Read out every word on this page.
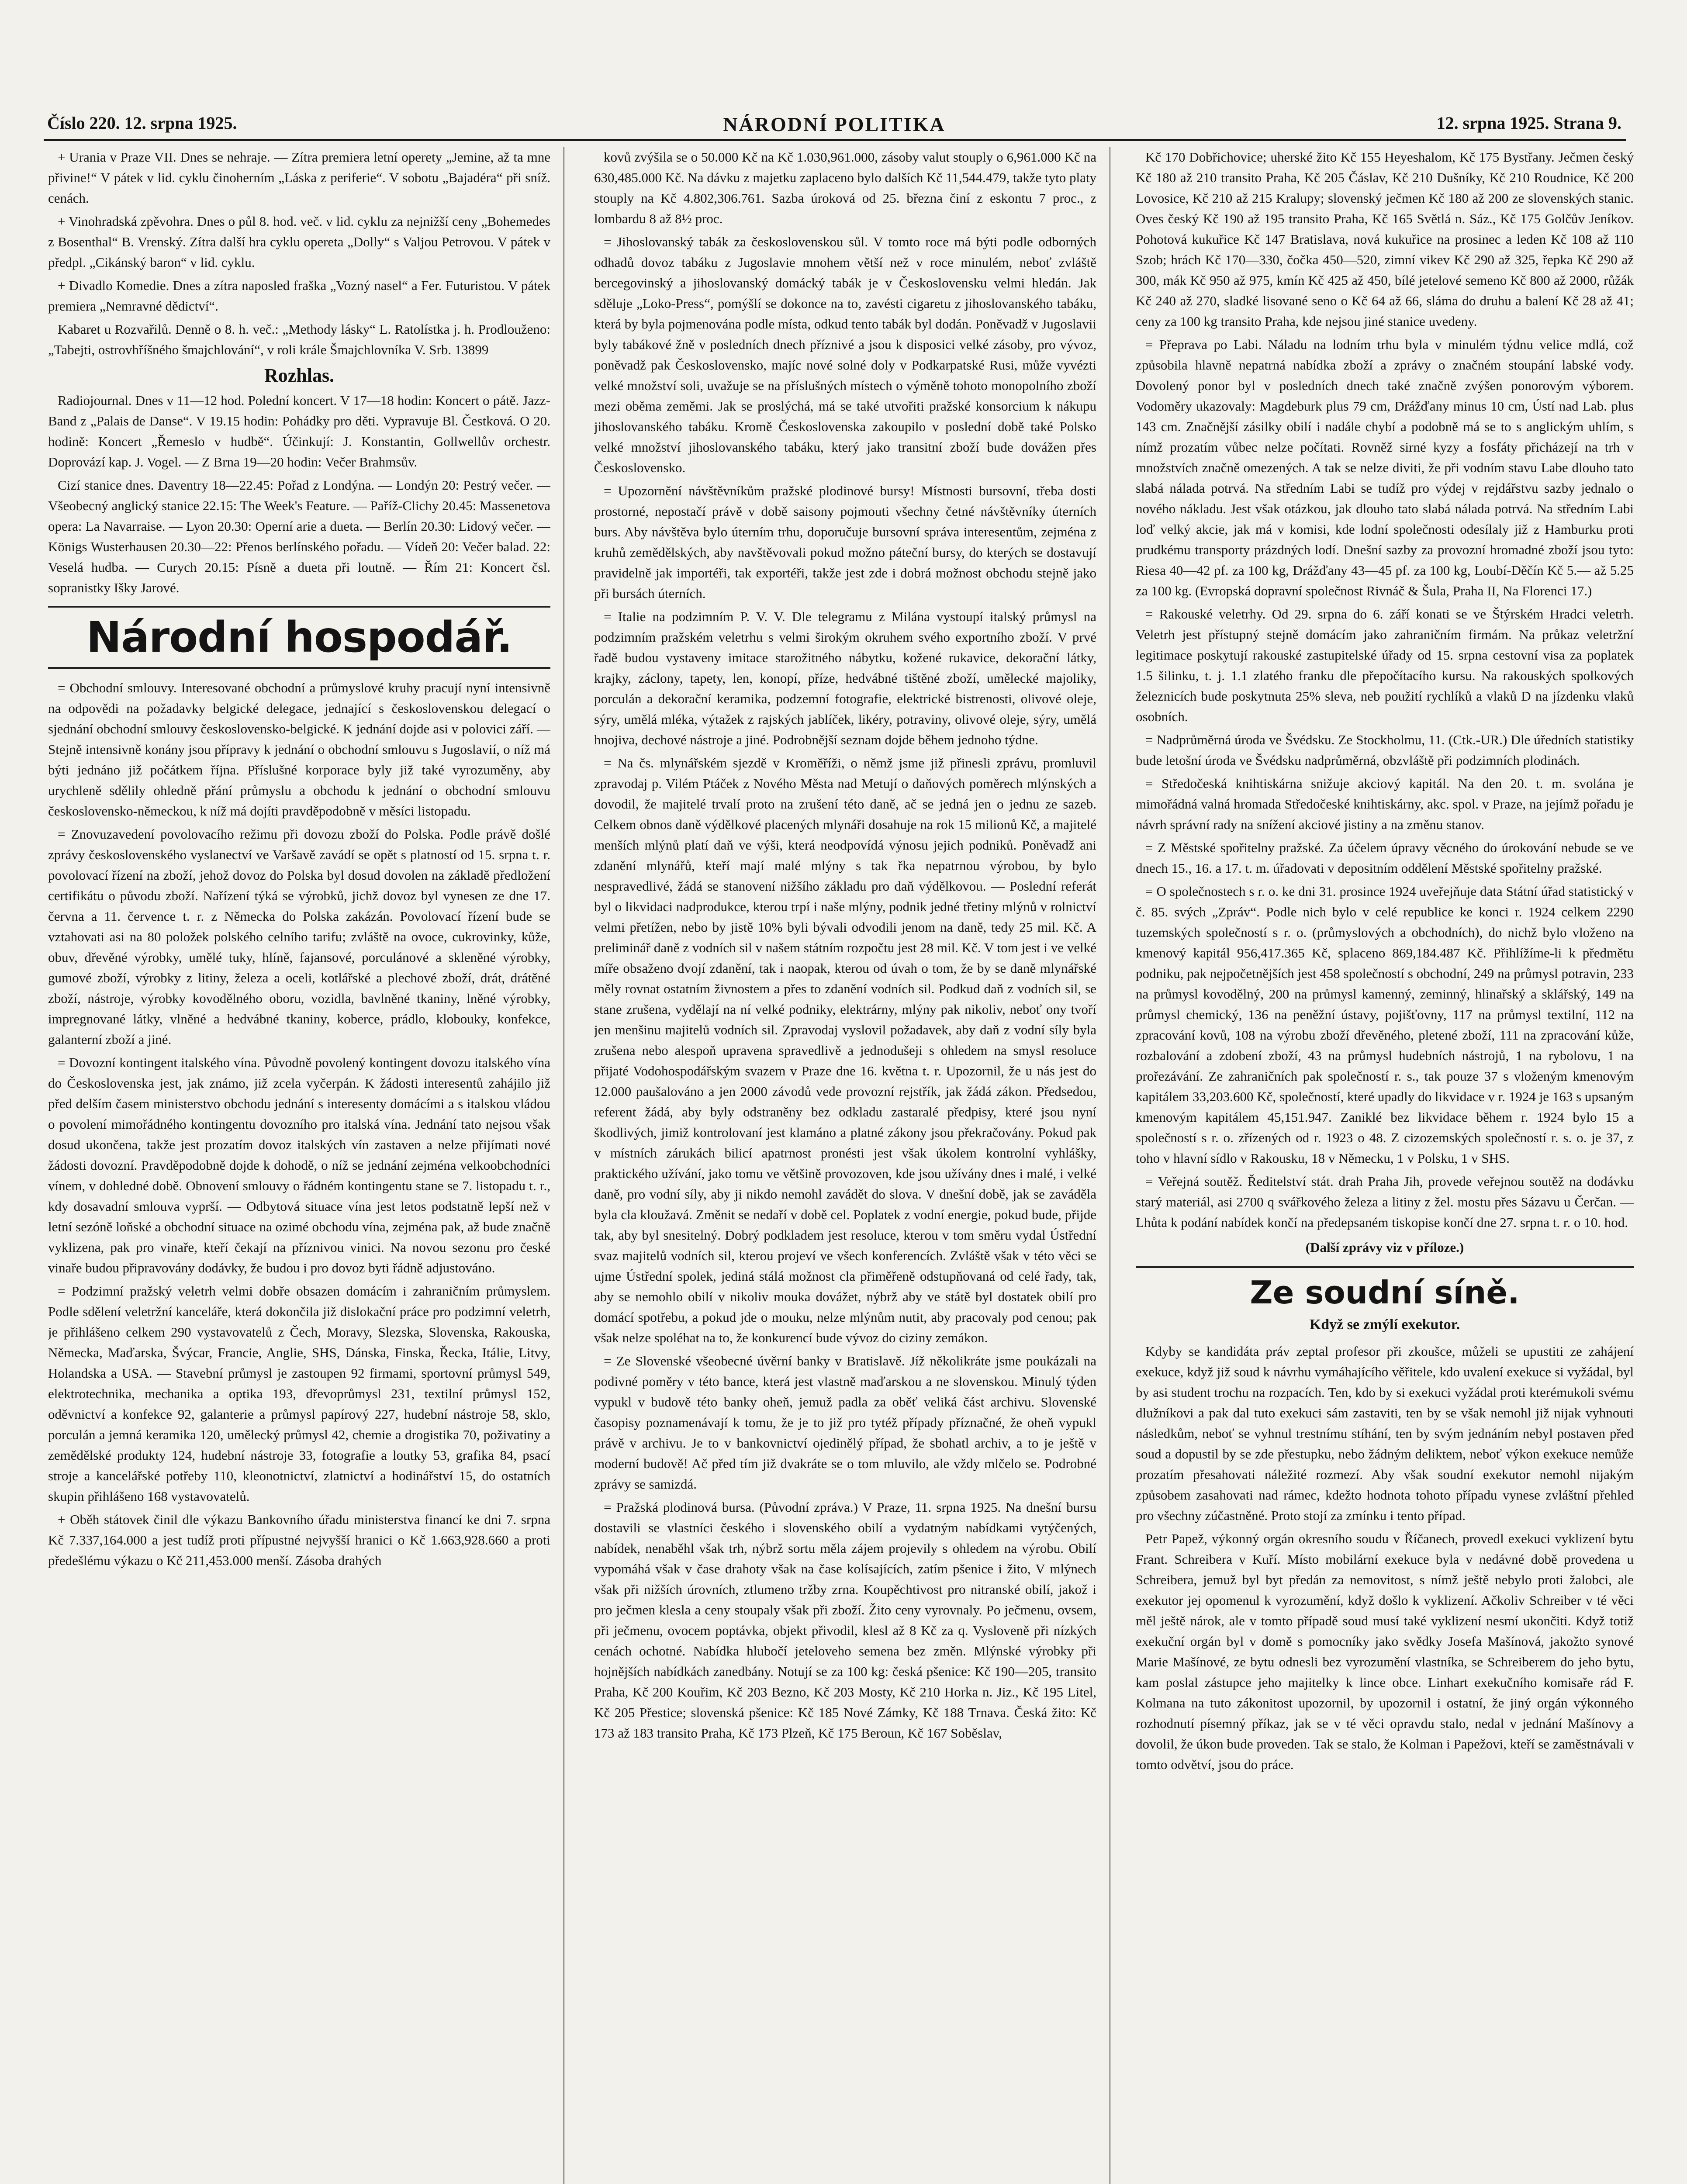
Číslo 220. 12. srpna 1925.	NÁRODNÍ POLITIKA	12. srpna 1925. Strana 9.

+ Urania v Praze VII. Dnes se nehraje. — Zítra premiera letní operety „Jemine, až ta mne přivine!“ V pátek v lid. cyklu činoherním „Láska z periferie“. V sobotu „Bajadéra“ při sníž. cenách.

+ Vinohradská zpěvohra. Dnes o půl 8. hod. več. v lid. cyklu za nejnižší ceny „Bohemedes z Bosenthal“ B. Vrenský. Zítra další hra cyklu opereta „Dolly“ s Valjou Petrovou. V pátek v předpl. „Cikánský baron“ v lid. cyklu.

+ Divadlo Komedie. Dnes a zítra naposled fraška „Vozný nasel“ a Fer. Futuristou. V pátek premiera „Nemravné dědictví“.

Kabaret u Rozvařilů. Denně o 8. h. več.: „Methody lásky“ L. Ratolístka j. h. Prodlouženo: „Tabejti, ostrovhříšného šmajchlování“, v roli krále Šmajchlovníka V. Srb. 13899

Rozhlas.

Radiojournal. Dnes v 11—12 hod. Polední koncert. V 17—18 hodin: Koncert o pátě. Jazz-Band z „Palais de Danse“. V 19.15 hodin: Pohádky pro děti. Vypravuje Bl. Čestková. O 20. hodině: Koncert „Řemeslo v hudbě“. Účinkují: J. Konstantin, Gollwellův orchestr. Doprovází kap. J. Vogel. — Z Brna 19—20 hodin: Večer Brahmsův.

Cizí stanice dnes. Daventry 18—22.45: Pořad z Londýna. — Londýn 20: Pestrý večer. — Všeobecný anglický stanice 22.15: The Week's Feature. — Paříž-Clichy 20.45: Massenetova opera: La Navarraise. — Lyon 20.30: Operní arie a dueta. — Berlín 20.30: Lidový večer. — Königs Wusterhausen 20.30—22: Přenos berlínského pořadu. — Vídeň 20: Večer balad. 22: Veselá hudba. — Curych 20.15: Písně a dueta při loutně. — Řím 21: Koncert čsl. sopranistky Išky Jarové.

Národní hospodář.

= Obchodní smlouvy. Interesované obchodní a průmyslové kruhy pracují nyní intensivně na odpovědi na požadavky belgické delegace, jednající s československou delegací o sjednání obchodní smlouvy československo-belgické. K jednání dojde asi v polovici září. — Stejně intensivně konány jsou přípravy k jednání o obchodní smlouvu s Jugoslavií, o níž má býti jednáno již počátkem října. Příslušné korporace byly již také vyrozuměny, aby urychleně sdělily ohledně přání průmyslu a obchodu k jednání o obchodní smlouvu československo-německou, k níž má dojíti pravděpodobně v měsíci listopadu.

= Znovuzavedení povolovacího režimu při dovozu zboží do Polska. Podle právě došlé zprávy československého vyslanectví ve Varšavě zavádí se opět s platností od 15. srpna t. r. povolovací řízení na zboží, jehož dovoz do Polska byl dosud dovolen na základě předložení certifikátu o původu zboží. Nařízení týká se výrobků, jichž dovoz byl vynesen ze dne 17. června a 11. července t. r. z Německa do Polska zakázán. Povolovací řízení bude se vztahovati asi na 80 položek polského celního tarifu; zvláště na ovoce, cukrovinky, kůže, obuv, dřevěné výrobky, umělé tuky, hlíně, fajansové, porculánové a skleněné výrobky, gumové zboží, výrobky z litiny, železa a oceli, kotlářské a plechové zboží, drát, drátěné zboží, nástroje, výrobky kovodělného oboru, vozidla, bavlněné tkaniny, lněné výrobky, impregnované látky, vlněné a hedvábné tkaniny, koberce, prádlo, klobouky, konfekce, galanterní zboží a jiné.

= Dovozní kontingent italského vína. Původně povolený kontingent dovozu italského vína do Československa jest, jak známo, již zcela vyčerpán. K žádosti interesentů zahájilo již před delším časem ministerstvo obchodu jednání s interesenty domácími a s italskou vládou o povolení mimořádného kontingentu dovozního pro italská vína. Jednání tato nejsou však dosud ukončena, takže jest prozatím dovoz italských vín zastaven a nelze přijímati nové žádosti dovozní. Pravděpodobně dojde k dohodě, o níž se jednání zejména velkoobchodníci vínem, v dohledné době. Obnovení smlouvy o řádném kontingentu stane se 7. listopadu t. r., kdy dosavadní smlouva vyprší. — Odbytová situace vína jest letos podstatně lepší než v letní sezóně loňské a obchodní situace na ozimé obchodu vína, zejména pak, až bude značně vyklizena, pak pro vinaře, kteří čekají na příznivou vinici. Na novou sezonu pro české vinaře budou připravovány dodávky, že budou i pro dovoz byti řádně adjustováno.

= Podzimní pražský veletrh velmi dobře obsazen domácím i zahraničním průmyslem. Podle sdělení veletržní kanceláře, která dokončila již dislokační práce pro podzimní veletrh, je přihlášeno celkem 290 vystavovatelů z Čech, Moravy, Slezska, Slovenska, Rakouska, Německa, Maďarska, Švýcar, Francie, Anglie, SHS, Dánska, Finska, Řecka, Itálie, Litvy, Holandska a USA. — Stavební průmysl je zastoupen 92 firmami, sportovní průmysl 549, elektrotechnika, mechanika a optika 193, dřevoprůmysl 231, textilní průmysl 152, oděvnictví a konfekce 92, galanterie a průmysl papírový 227, hudební nástroje 58, sklo, porculán a jemná keramika 120, umělecký průmysl 42, chemie a drogistika 70, poživatiny a zemědělské produkty 124, hudební nástroje 33, fotografie a loutky 53, grafika 84, psací stroje a kancelářské potřeby 110, kleonotnictví, zlatnictví a hodinářství 15, do ostatních skupin přihlášeno 168 vystavovatelů.

+ Oběh státovek činil dle výkazu Bankovního úřadu ministerstva financí ke dni 7. srpna Kč 7.337,164.000 a jest tudíž proti přípustné nejvyšší hranici o Kč 1.663,928.660 a proti předešlému výkazu o Kč 211,453.000 menší. Zásoba drahých

kovů zvýšila se o 50.000 Kč na Kč 1.030,961.000, zásoby valut stouply o 6,961.000 Kč na 630,485.000 Kč. Na dávku z majetku zaplaceno bylo dalších Kč 11,544.479, takže tyto platy stouply na Kč 4.802,306.761. Sazba úroková od 25. března činí z eskontu 7 proc., z lombardu 8 až 8½ proc.

= Jihoslovanský tabák za československou sůl. V tomto roce má býti podle odborných odhadů dovoz tabáku z Jugoslavie mnohem větší než v roce minulém, neboť zvláště bercegovinský a jihoslovanský domácký tabák je v Československu velmi hledán. Jak sděluje „Loko-Press“, pomýšlí se dokonce na to, zavésti cigaretu z jihoslovanského tabáku, která by byla pojmenována podle místa, odkud tento tabák byl dodán. Poněvadž v Jugoslavii byly tabákové žně v posledních dnech příznivé a jsou k disposici velké zásoby, pro vývoz, poněvadž pak Československo, majíc nové solné doly v Podkarpatské Rusi, může vyvézti velké množství soli, uvažuje se na příslušných místech o výměně tohoto monopolního zboží mezi oběma zeměmi. Jak se proslýchá, má se také utvořiti pražské konsorcium k nákupu jihoslovanského tabáku. Kromě Československa zakoupilo v poslední době také Polsko velké množství jihoslovanského tabáku, který jako transitní zboží bude dovážen přes Československo.

= Upozornění návštěvníkům pražské plodinové bursy! Místnosti bursovní, třeba dosti prostorné, nepostačí právě v době saisony pojmouti všechny četné návštěvníky úterních burs. Aby návštěva bylo úterním trhu, doporučuje bursovní správa interesentům, zejména z kruhů zemědělských, aby navštěvovali pokud možno páteční bursy, do kterých se dostavují pravidelně jak importéři, tak exportéři, takže jest zde i dobrá možnost obchodu stejně jako při bursách úterních.

= Italie na podzimním P. V. V. Dle telegramu z Milána vystoupí italský průmysl na podzimním pražském veletrhu s velmi širokým okruhem svého exportního zboží. V prvé řadě budou vystaveny imitace starožitného nábytku, kožené rukavice, dekorační látky, krajky, záclony, tapety, len, konopí, příze, hedvábné tištěné zboží, umělecké majoliky, porculán a dekorační keramika, podzemní fotografie, elektrické bistrenosti, olivové oleje, sýry, umělá mléka, výtažek z rajských jablíček, likéry, potraviny, olivové oleje, sýry, umělá hnojiva, dechové nástroje a jiné. Podrobnější seznam dojde během jednoho týdne.

= Na čs. mlynářském sjezdě v Kroměříži, o němž jsme již přinesli zprávu, promluvil zpravodaj p. Vilém Ptáček z Nového Města nad Metují o daňových poměrech mlýnských a dovodil, že majitelé trvalí proto na zrušení této daně, ač se jedná jen o jednu ze sazeb. Celkem obnos daně výdělkové placených mlynáři dosahuje na rok 15 milionů Kč, a majitelé menších mlýnů platí daň ve výši, která neodpovídá výnosu jejich podniků. Poněvadž ani zdanění mlynářů, kteří mají malé mlýny s tak řka nepatrnou výrobou, by bylo nespravedlivé, žádá se stanovení nižšího základu pro daň výdělkovou. — Poslední referát byl o likvidaci nadprodukce, kterou trpí i naše mlýny, podnik jedné třetiny mlýnů v rolnictví velmi přetížen, nebo by jistě 10% byli bývali odvodili jenom na daně, tedy 25 mil. Kč. A preliminář daně z vodních sil v našem státním rozpočtu jest 28 mil. Kč. V tom jest i ve velké míře obsaženo dvojí zdanění, tak i naopak, kterou od úvah o tom, že by se daně mlynářské měly rovnat ostatním živnostem a přes to zdanění vodních sil. Podkud daň z vodních sil, se stane zrušena, vydělají na ní velké podniky, elektrárny, mlýny pak nikoliv, neboť ony tvoří jen menšinu majitelů vodních sil. Zpravodaj vyslovil požadavek, aby daň z vodní síly byla zrušena nebo alespoň upravena spravedlivě a jednodušeji s ohledem na smysl resoluce přijaté Vodohospodářským svazem v Praze dne 16. května t. r. Upozornil, že u nás jest do 12.000 paušalováno a jen 2000 závodů vede provozní rejstřík, jak žádá zákon. Předsedou, referent žádá, aby byly odstraněny bez odkladu zastaralé předpisy, které jsou nyní škodlivých, jimiž kontrolovaní jest klamáno a platné zákony jsou překračovány. Pokud pak v místních zárukách bilicí apatrnost pronésti jest však úkolem kontrolní vyhlášky, praktického užívání, jako tomu ve většině provozoven, kde jsou užívány dnes i malé, i velké daně, pro vodní síly, aby ji nikdo nemohl zavádět do slova. V dnešní době, jak se zaváděla byla cla kloužavá. Změnit se nedaří v době cel. Poplatek z vodní energie, pokud bude, přijde tak, aby byl snesitelný. Dobrý podkladem jest resoluce, kterou v tom směru vydal Ústřední svaz majitelů vodních sil, kterou projeví ve všech konferencích. Zvláště však v této věci se ujme Ústřední spolek, jediná stálá možnost cla přiměřeně odstupňovaná od celé řady, tak, aby se nemohlo obilí v nikoliv mouka dovážet, nýbrž aby ve státě byl dostatek obilí pro domácí spotřebu, a pokud jde o mouku, nelze mlýnům nutit, aby pracovaly pod cenou; pak však nelze spoléhat na to, že konkurencí bude vývoz do ciziny zemákon.

= Ze Slovenské všeobecné úvěrní banky v Bratislavě. Jíž několikráte jsme poukázali na podivné poměry v této bance, která jest vlastně maďarskou a ne slovenskou. Minulý týden vypukl v budově této banky oheň, jemuž padla za oběť veliká část archivu. Slovenské časopisy poznamenávají k tomu, že je to již pro tytéž případy příznačné, že oheň vypukl právě v archivu. Je to v bankovnictví ojedinělý případ, že sbohatl archiv, a to je ještě v moderní budově! Ač před tím již dvakráte se o tom mluvilo, ale vždy mlčelo se. Podrobné zprávy se samizdá.

= Pražská plodinová bursa. (Původní zpráva.) V Praze, 11. srpna 1925. Na dnešní bursu dostavili se vlastníci českého i slovenského obilí a vydatným nabídkami vytýčených, nabídek, nenaběhl však trh, nýbrž sortu měla zájem projevily s ohledem na výrobu. Obilí vypomáhá však v čase drahoty však na čase kolísajících, zatím pšenice i žito, V mlýnech však při nižších úrovních, ztlumeno tržby zrna. Koupěchtivost pro nitranské obilí, jakož i pro ječmen klesla a ceny stoupaly však při zboží. Žito ceny vyrovnaly. Po ječmenu, ovsem, při ječmenu, ovocem poptávka, objekt přivodil, klesl až 8 Kč za q. Vysloveně při nízkých cenách ochotné. Nabídka hlubočí jeteloveho semena bez změn. Mlýnské výrobky při hojnějších nabídkách zanedbány. Notují se za 100 kg: česká pšenice: Kč 190—205, transito Praha, Kč 200 Kouřim, Kč 203 Bezno, Kč 203 Mosty, Kč 210 Horka n. Jiz., Kč 195 Litel, Kč 205 Přestice; slovenská pšenice: Kč 185 Nové Zámky, Kč 188 Trnava. Česká žito: Kč 173 až 183 transito Praha, Kč 173 Plzeň, Kč 175 Beroun, Kč 167 Soběslav,

Kč 170 Dobřichovice; uherské žito Kč 155 Heyeshalom, Kč 175 Bystřany. Ječmen český Kč 180 až 210 transito Praha, Kč 205 Čáslav, Kč 210 Dušníky, Kč 210 Roudnice, Kč 200 Lovosice, Kč 210 až 215 Kralupy; slovenský ječmen Kč 180 až 200 ze slovenských stanic. Oves český Kč 190 až 195 transito Praha, Kč 165 Světlá n. Sáz., Kč 175 Golčův Jeníkov. Pohotová kukuřice Kč 147 Bratislava, nová kukuřice na prosinec a leden Kč 108 až 110 Szob; hrách Kč 170—330, čočka 450—520, zimní vikev Kč 290 až 325, řepka Kč 290 až 300, mák Kč 950 až 975, kmín Kč 425 až 450, bílé jetelové semeno Kč 800 až 2000, růžák Kč 240 až 270, sladké lisované seno o Kč 64 až 66, sláma do druhu a balení Kč 28 až 41; ceny za 100 kg transito Praha, kde nejsou jiné stanice uvedeny.

= Přeprava po Labi. Náladu na lodním trhu byla v minulém týdnu velice mdlá, což způsobila hlavně nepatrná nabídka zboží a zprávy o značném stoupání labské vody. Dovolený ponor byl v posledních dnech také značně zvýšen ponorovým výborem. Vodoměry ukazovaly: Magdeburk plus 79 cm, Drážďany minus 10 cm, Ústí nad Lab. plus 143 cm. Značnější zásilky obilí i nadále chybí a podobně má se to s anglickým uhlím, s nímž prozatím vůbec nelze počítati. Rovněž sirné kyzy a fosfáty přicházejí na trh v množstvích značně omezených. A tak se nelze diviti, že při vodním stavu Labe dlouho tato slabá nálada potrvá. Na středním Labi se tudíž pro výdej v rejdářstvu sazby jednalo o nového nákladu. Jest však otázkou, jak dlouho tato slabá nálada potrvá. Na středním Labi loď velký akcie, jak má v komisi, kde lodní společnosti odesílaly již z Hamburku proti prudkému transporty prázdných lodí. Dnešní sazby za provozní hromadné zboží jsou tyto: Riesa 40—42 pf. za 100 kg, Drážďany 43—45 pf. za 100 kg, Loubí-Děčín Kč 5.— až 5.25 za 100 kg. (Evropská dopravní společnost Rivnáč & Šula, Praha II, Na Florenci 17.)

= Rakouské veletrhy. Od 29. srpna do 6. září konati se ve Štýrském Hradci veletrh. Veletrh jest přístupný stejně domácím jako zahraničním firmám. Na průkaz veletržní legitimace poskytují rakouské zastupitelské úřady od 15. srpna cestovní visa za poplatek 1.5 šilinku, t. j. 1.1 zlatého franku dle přepočítacího kursu. Na rakouských spolkových železnicích bude poskytnuta 25% sleva, neb použití rychlíků a vlaků D na jízdenku vlaků osobních.

= Nadprůměrná úroda ve Švédsku. Ze Stockholmu, 11. (Ctk.-UR.) Dle úředních statistiky bude letošní úroda ve Švédsku nadprůměrná, obzvláště při podzimních plodinách.

= Středočeská knihtiskárna snižuje akciový kapitál. Na den 20. t. m. svolána je mimořádná valná hromada Středočeské knihtiskárny, akc. spol. v Praze, na jejímž pořadu je návrh správní rady na snížení akciové jistiny a na změnu stanov.

= Z Městské spořitelny pražské. Za účelem úpravy věcného do úrokování nebude se ve dnech 15., 16. a 17. t. m. úřadovati v depositním oddělení Městské spořitelny pražské.

= O společnostech s r. o. ke dni 31. prosince 1924 uveřejňuje data Státní úřad statistický v č. 85. svých „Zpráv“. Podle nich bylo v celé republice ke konci r. 1924 celkem 2290 tuzemských společností s r. o. (průmyslových a obchodních), do nichž bylo vloženo na kmenový kapitál 956,417.365 Kč, splaceno 869,184.487 Kč. Přihlížíme-li k předmětu podniku, pak nejpočetnějších jest 458 společností s obchodní, 249 na průmysl potravin, 233 na průmysl kovodělný, 200 na průmysl kamenný, zeminný, hlinařský a sklářský, 149 na průmysl chemický, 136 na peněžní ústavy, pojišťovny, 117 na průmysl textilní, 112 na zpracování kovů, 108 na výrobu zboží dřevěného, pletené zboží, 111 na zpracování kůže, rozbalování a zdobení zboží, 43 na průmysl hudebních nástrojů, 1 na rybolovu, 1 na prořezávání. Ze zahraničních pak společností r. s., tak pouze 37 s vloženým kmenovým kapitálem 33,203.600 Kč, společností, které upadly do likvidace v r. 1924 je 163 s upsaným kmenovým kapitálem 45,151.947. Zaniklé bez likvidace během r. 1924 bylo 15 a společností s r. o. zřízených od r. 1923 o 48. Z cizozemských společností r. s. o. je 37, z toho v hlavní sídlo v Rakousku, 18 v Německu, 1 v Polsku, 1 v SHS.

= Veřejná soutěž. Ředitelství stát. drah Praha Jih, provede veřejnou soutěž na dodávku starý materiál, asi 2700 q svářkového železa a litiny z žel. mostu přes Sázavu u Čerčan. — Lhůta k podání nabídek končí na předepsaném tiskopise končí dne 27. srpna t. r. o 10. hod.

(Další zprávy viz v příloze.)
Ze soudní síně.
Když se zmýlí exekutor.

Kdyby se kandidáta práv zeptal profesor při zkoušce, můželi se upustiti ze zahájení exekuce, když již soud k návrhu vymáhajícího věřitele, kdo uvalení exekuce si vyžádal, byl by asi student trochu na rozpacích. Ten, kdo by si exekuci vyžádal proti kterémukoli svému dlužníkovi a pak dal tuto exekuci sám zastaviti, ten by se však nemohl již nijak vyhnouti následkům, neboť se vyhnul trestnímu stíhání, ten by svým jednáním nebyl postaven před soud a dopustil by se zde přestupku, nebo žádným deliktem, neboť výkon exekuce nemůže prozatím přesahovati náležité rozmezí. Aby však soudní exekutor nemohl nijakým způsobem zasahovati nad rámec, kdežto hodnota tohoto případu vynese zvláštní přehled pro všechny zúčastněné. Proto stojí za zmínku i tento případ.

Petr Papež, výkonný orgán okresního soudu v Říčanech, provedl exekuci vyklizení bytu Frant. Schreibera v Kuří. Místo mobilární exekuce byla v nedávné době provedena u Schreibera, jemuž byl byt předán za nemovitost, s nímž ještě nebylo proti žalobci, ale exekutor jej opomenul k vyrozumění, když došlo k vyklizení. Ačkoliv Schreiber v té věci měl ještě nárok, ale v tomto případě soud musí také vyklizení nesmí ukončiti. Když totiž exekuční orgán byl v domě s pomocníky jako svědky Josefa Mašínová, jakožto synové Marie Mašínové, ze bytu odnesli bez vyrozumění vlastníka, se Schreiberem do jeho bytu, kam poslal zástupce jeho majitelky k lince obce. Linhart exekučního komisaře rád F. Kolmana na tuto zákonitost upozornil, by upozornil i ostatní, že jiný orgán výkonného rozhodnutí písemný příkaz, jak se v té věci opravdu stalo, nedal v jednání Mašínovy a dovolil, že úkon bude proveden. Tak se stalo, že Kolman i Papežovi, kteří se zaměstnávali v tomto odvětví, jsou do práce.
